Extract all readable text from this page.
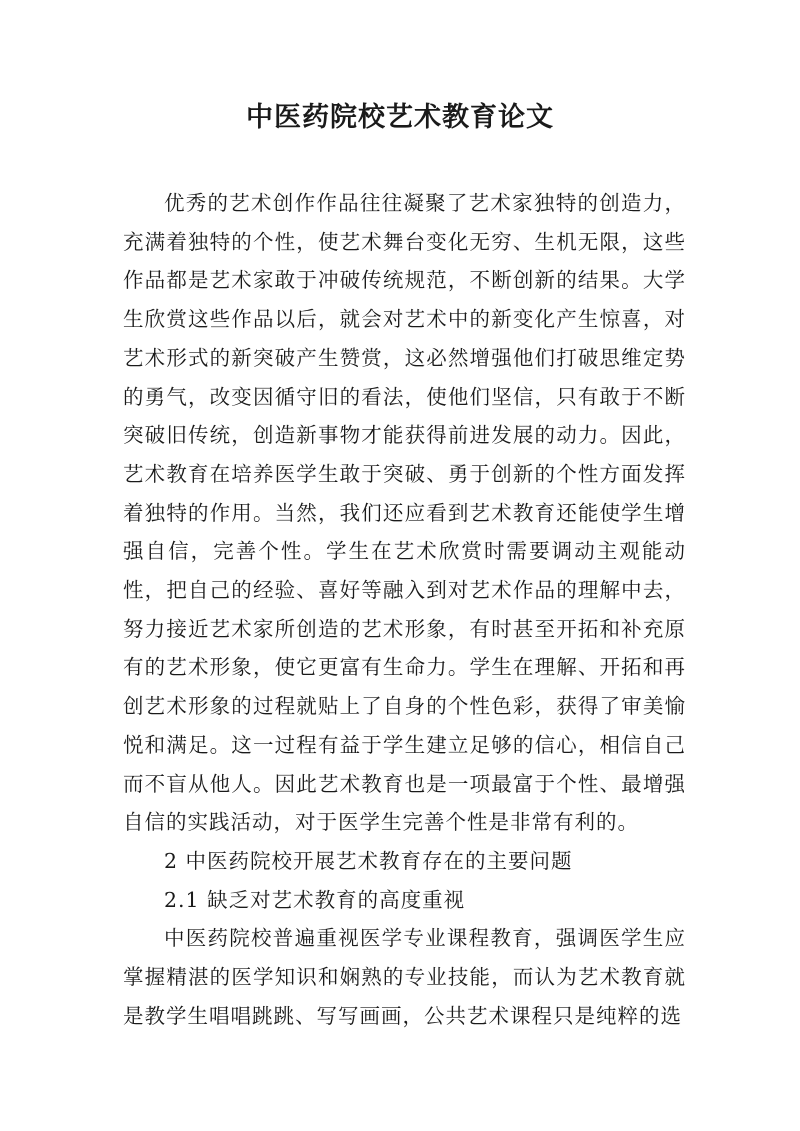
中医药院校艺术教育论文

优秀的艺术创作作品往往凝聚了艺术家独特的创造力，充满着独特的个性，使艺术舞台变化无穷、生机无限，这些作品都是艺术家敢于冲破传统规范，不断创新的结果。大学生欣赏这些作品以后，就会对艺术中的新变化产生惊喜，对艺术形式的新突破产生赞赏，这必然增强他们打破思维定势的勇气，改变因循守旧的看法，使他们坚信，只有敢于不断突破旧传统，创造新事物才能获得前进发展的动力。因此，艺术教育在培养医学生敢于突破、勇于创新的个性方面发挥着独特的作用。当然，我们还应看到艺术教育还能使学生增强自信，完善个性。学生在艺术欣赏时需要调动主观能动性，把自己的经验、喜好等融入到对艺术作品的理解中去，努力接近艺术家所创造的艺术形象，有时甚至开拓和补充原有的艺术形象，使它更富有生命力。学生在理解、开拓和再创艺术形象的过程就贴上了自身的个性色彩，获得了审美愉悦和满足。这一过程有益于学生建立足够的信心，相信自己而不盲从他人。因此艺术教育也是一项最富于个性、最增强自信的实践活动，对于医学生完善个性是非常有利的。

2 中医药院校开展艺术教育存在的主要问题

2.1 缺乏对艺术教育的高度重视

中医药院校普遍重视医学专业课程教育，强调医学生应掌握精湛的医学知识和娴熟的专业技能，而认为艺术教育就是教学生唱唱跳跳、写写画画，公共艺术课程只是纯粹的选
